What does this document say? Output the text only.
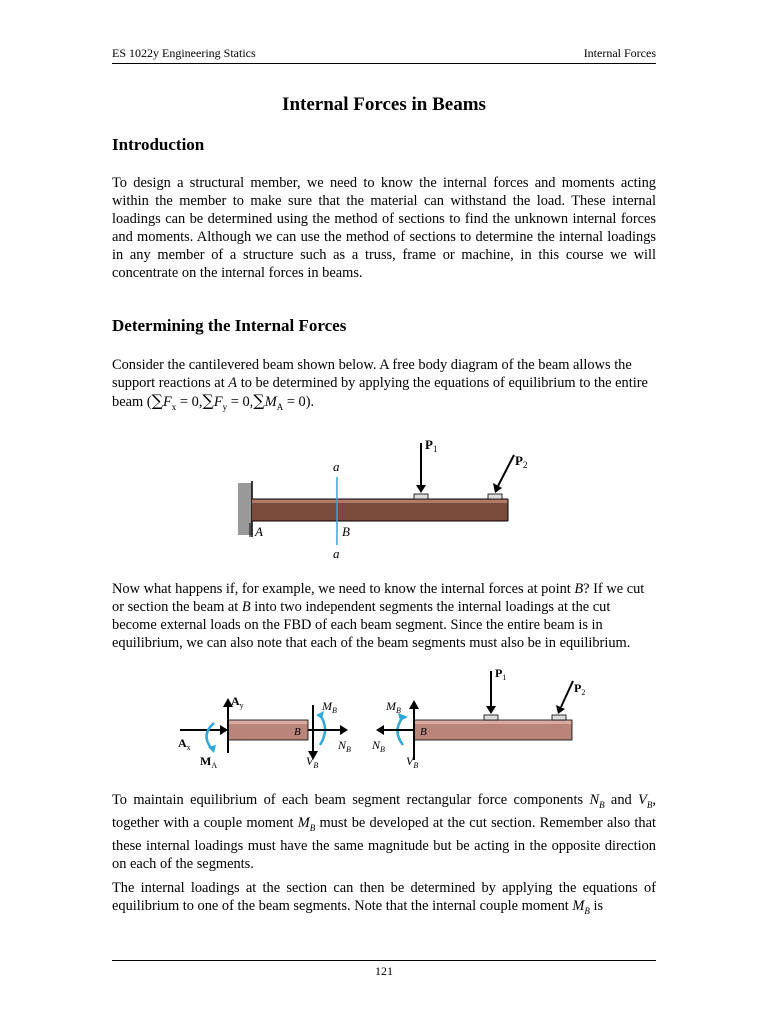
ES 1022y Engineering Statics	Internal Forces
Internal Forces in Beams
Introduction
To design a structural member, we need to know the internal forces and moments acting within the member to make sure that the material can withstand the load. These internal loadings can be determined using the method of sections to find the unknown internal forces and moments. Although we can use the method of sections to determine the internal loadings in any member of a structure such as a truss, frame or machine, in this course we will concentrate on the internal forces in beams.
Determining the Internal Forces
Consider the cantilevered beam shown below. A free body diagram of the beam allows the support reactions at A to be determined by applying the equations of equilibrium to the entire beam $(\sum F_x = 0,\sum F_y = 0,\sum M_A = 0)$.
a
a
A	B
$P_1$
$P_2$
Now what happens if, for example, we need to know the internal forces at point B? If we cut or section the beam at B into two independent segments the internal loadings at the cut become external loads on the FBD of each beam segment. Since the entire beam is in equilibrium, we can also note that each of the beam segments must also be in equilibrium.
$A_y$
$A_x$
$M_A$
$M_B$
B
$V_B$
$N_B$
$M_B$
$V_B$
$N_B$
B
$P_1$
$P_2$
To maintain equilibrium of each beam segment rectangular force components $N_B$ and $V_B$, together with a couple moment $M_B$ must be developed at the cut section. Remember also that these internal loadings must have the same magnitude but be acting in the opposite direction on each of the segments.
The internal loadings at the section can then be determined by applying the equations of equilibrium to one of the beam segments. Note that the internal couple moment $M_B$ is
121
